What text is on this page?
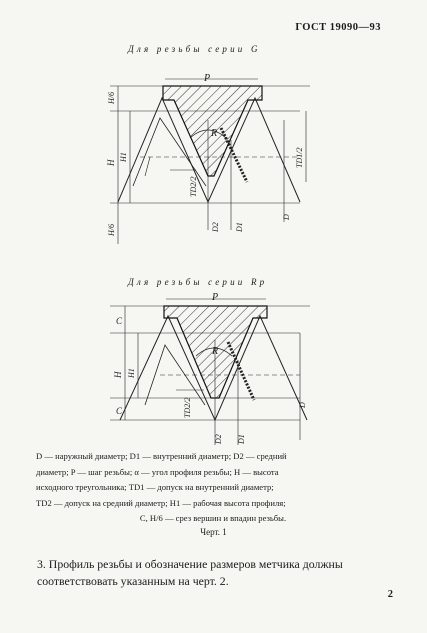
ГОСТ 19090—93
Для резьбы серии G
P
R
H/6
H
H1
H/6
TD1/2
TD2/2
D2 D1
D
Для резьбы серии Rp
P
R
C
H H1
C	TD2/2
D2 D1
D

D — наружный диаметр; D1 — внутренний диаметр; D2 — средний

диаметр; P — шаг резьбы; α — угол профиля резьбы; H — высота

исходного треугольника; TD1 — допуск на внутренний диаметр;

TD2 — допуск на средний диаметр; H1 — рабочая высота профиля;

C, H/6 — срез вершин и впадин резьбы.

Черт. 1
3. Профиль резьбы и обозначение размеров метчика должны соответствовать указанным на черт. 2.
2
